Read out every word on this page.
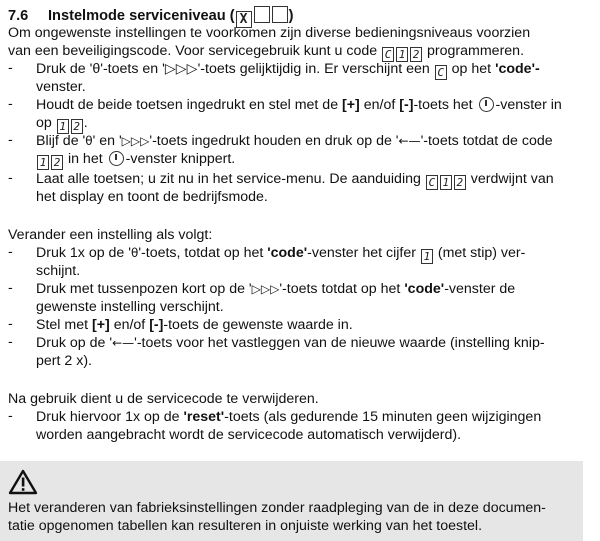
7.6 Instelmode serviceniveau ( X	)
Om ongewenste instellingen te voorkomen zijn diverse bedieningsniveaus voorzien
van een beveiligingscode. Voor servicegebruik kunt u code C 1 2 programmeren.
-	Druk de 'θ'-toets en '▷▷▷'-toets gelijktijdig in. Er verschijnt een C op het 'code'-
venster.
-	Houdt de beide toetsen ingedrukt en stel met de [+] en/of [-]-toets het -venster in
op 1 2 .
-	Blijf de 'θ' en '▷▷▷'-toets ingedrukt houden en druk op de '←—'-toets totdat de code
1 2 in het -venster knippert.
-	Laat alle toetsen; u zit nu in het service-menu. De aanduiding C 1 2 verdwijnt van
het display en toont de bedrijfsmode.
Verander een instelling als volgt:
-	Druk 1x op de 'θ'-toets, totdat op het 'code'-venster het cijfer 1 (met stip) ver-
schijnt.
-	Druk met tussenpozen kort op de '▷▷▷'-toets totdat op het 'code'-venster de
gewenste instelling verschijnt.
-	Stel met [+] en/of [-]-toets de gewenste waarde in.
-	Druk op de '←—'-toets voor het vastleggen van de nieuwe waarde (instelling knip-
pert 2 x).
Na gebruik dient u de servicecode te verwijderen.
-	Druk hiervoor 1x op de 'reset'-toets (als gedurende 15 minuten geen wijzigingen
worden aangebracht wordt de servicecode automatisch verwijderd).
Het veranderen van fabrieksinstellingen zonder raadpleging van de in deze documen-
tatie opgenomen tabellen kan resulteren in onjuiste werking van het toestel.
